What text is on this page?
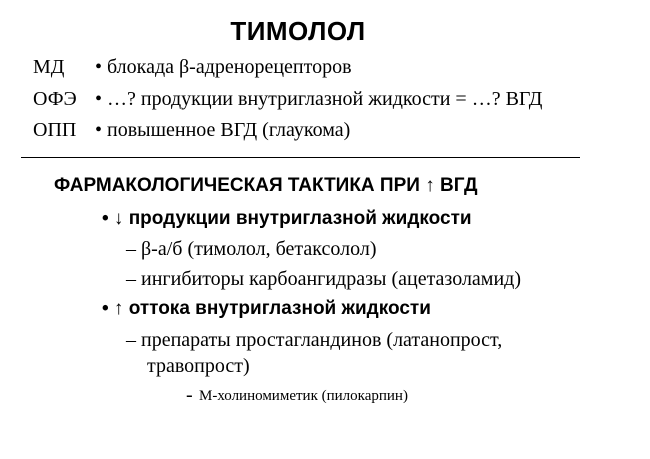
ТИМОЛОЛ
МД • блокада β-адренорецепторов
ОФЭ • …? продукции внутриглазной жидкости = …? ВГД
ОПП • повышенное ВГД (глаукома)
ФАРМАКОЛОГИЧЕСКАЯ ТАКТИКА ПРИ ↑ ВГД
• ↓ продукции внутриглазной жидкости
– β-а/б (тимолол, бетаксолол)
– ингибиторы карбоангидразы (ацетазоламид)
• ↑ оттока внутриглазной жидкости
– препараты простагландинов (латанопрост,
травопрост)
- М-холиномиметик (пилокарпин)
